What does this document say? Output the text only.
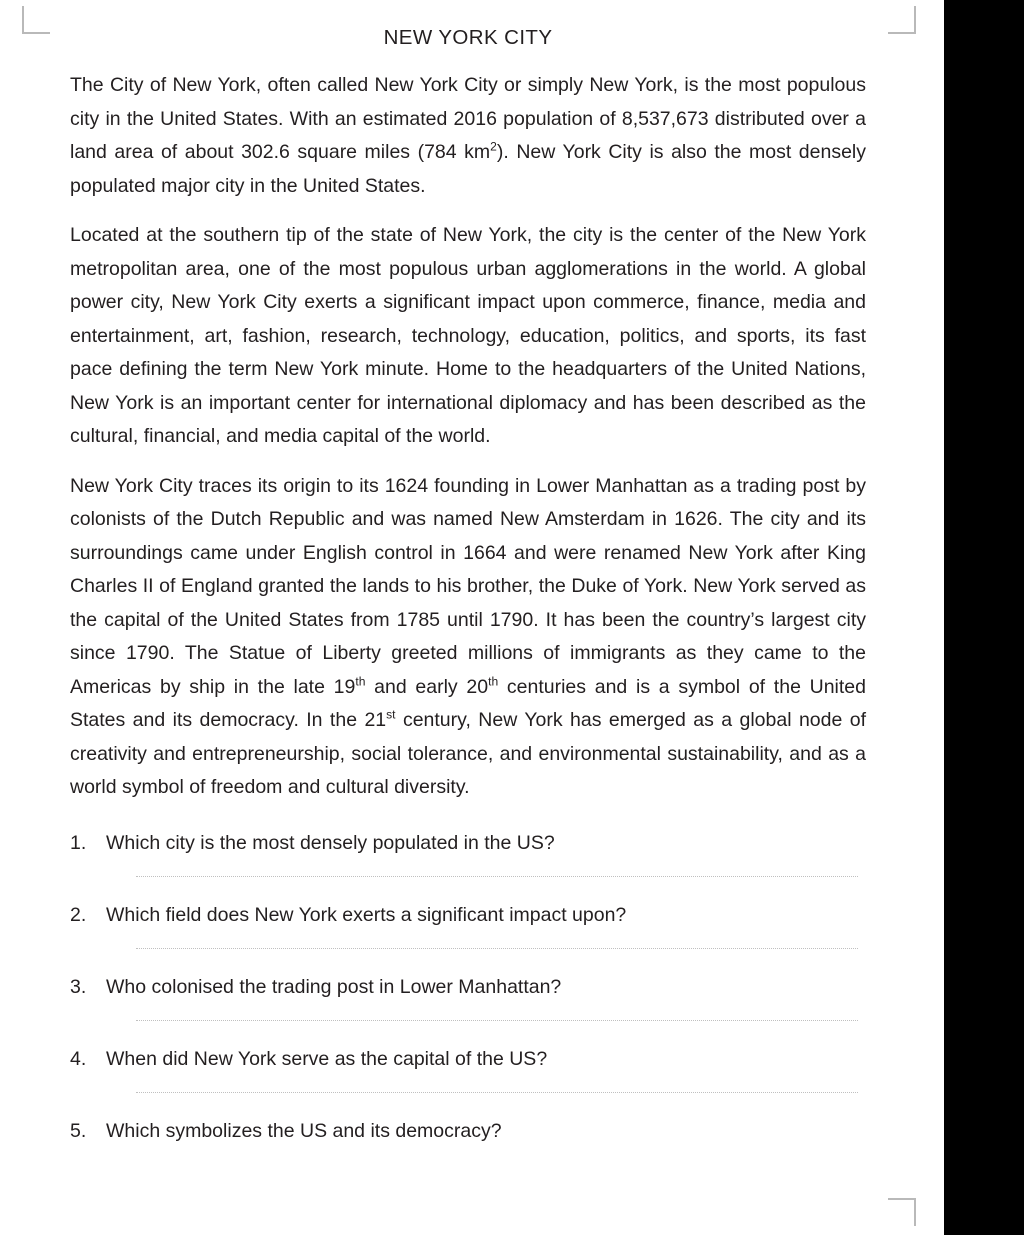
NEW YORK CITY

The City of New York, often called New York City or simply New York, is the most populous city in the United States. With an estimated 2016 population of 8,537,673 distributed over a land area of about 302.6 square miles (784 $km^2$). New York City is also the most densely populated major city in the United States.

Located at the southern tip of the state of New York, the city is the center of the New York metropolitan area, one of the most populous urban agglomerations in the world. A global power city, New York City exerts a significant impact upon commerce, finance, media and entertainment, art, fashion, research, technology, education, politics, and sports, its fast pace defining the term New York minute. Home to the headquarters of the United Nations, New York is an important center for international diplomacy and has been described as the cultural, financial, and media capital of the world.

New York City traces its origin to its 1624 founding in Lower Manhattan as a trading post by colonists of the Dutch Republic and was named New Amsterdam in 1626. The city and its surroundings came under English control in 1664 and were renamed New York after King Charles II of England granted the lands to his brother, the Duke of York. New York served as the capital of the United States from 1785 until 1790. It has been the country’s largest city since 1790. The Statue of Liberty greeted millions of immigrants as they came to the Americas by ship in the late 19th and early 20th centuries and is a symbol of the United States and its democracy. In the 21st century, New York has emerged as a global node of creativity and entrepreneurship, social tolerance, and environmental sustainability, and as a world symbol of freedom and cultural diversity.

1.	Which city is the most densely populated in the US?
2.	Which field does New York exerts a significant impact upon?
3.	Who colonised the trading post in Lower Manhattan?
4.	When did New York serve as the capital of the US?
5.	Which symbolizes the US and its democracy?
